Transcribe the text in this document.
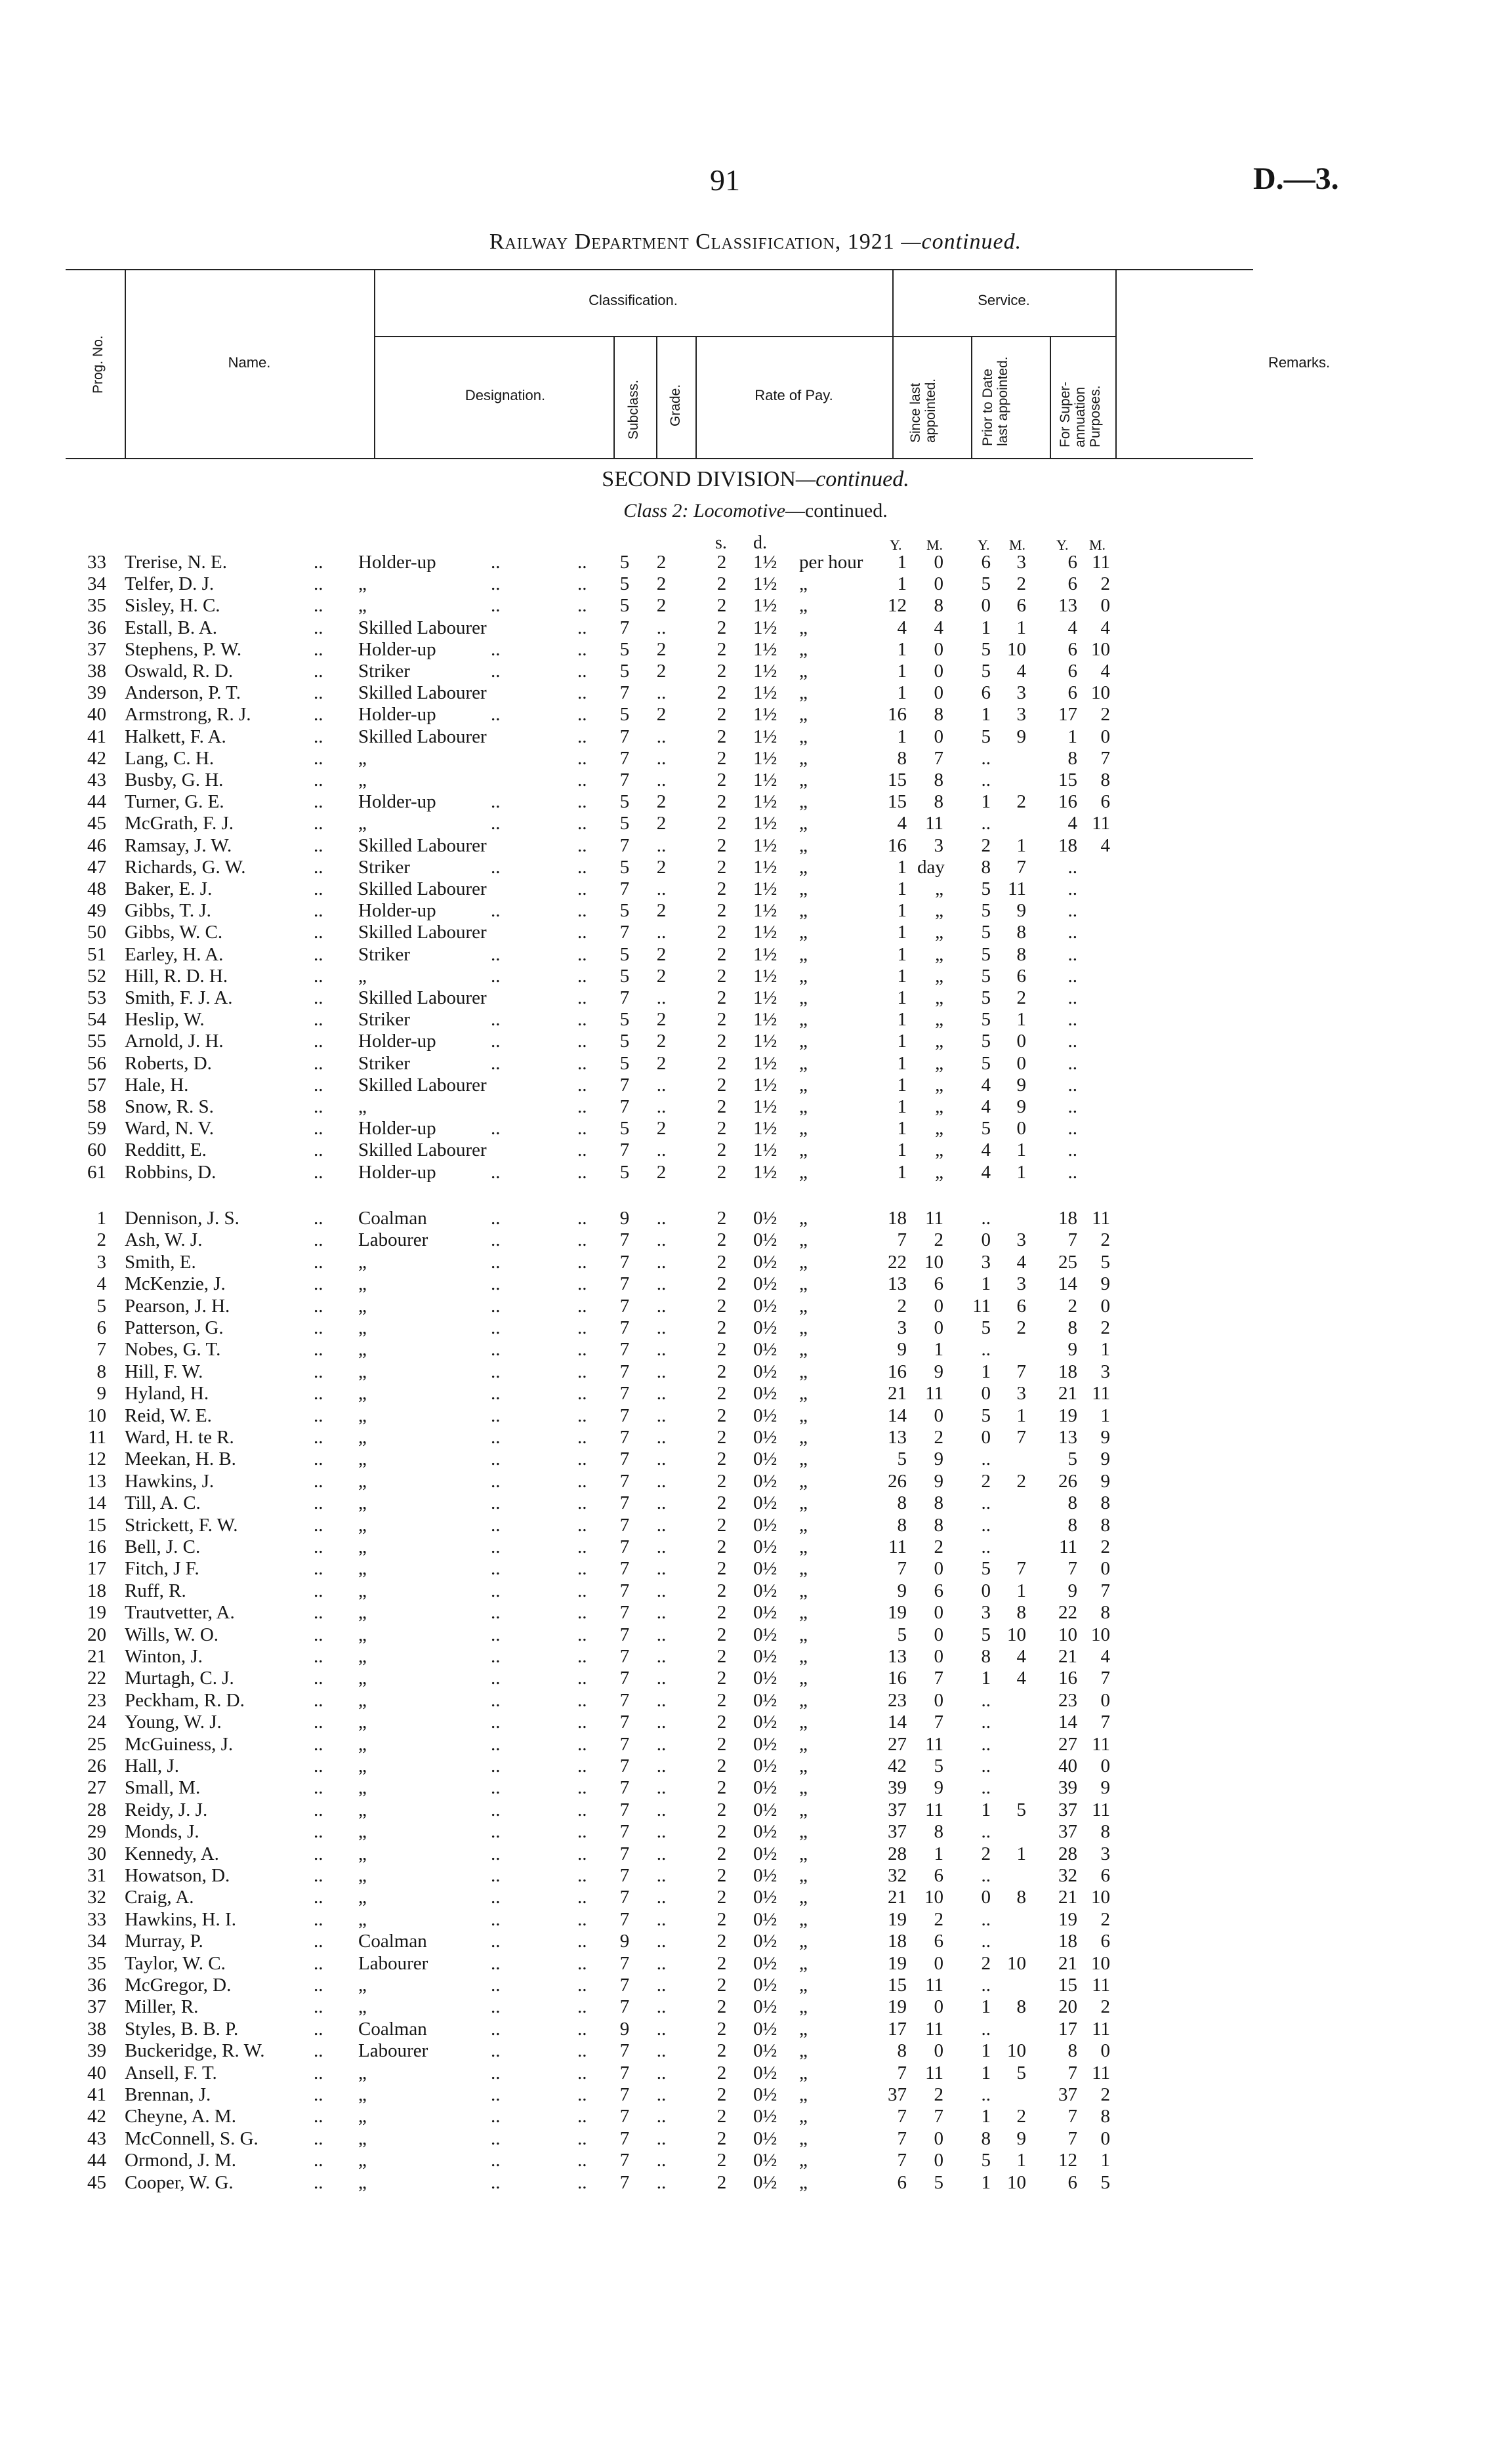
91	D.—3.
Railway Department Classification, 1921 —continued.
Prog. No.	Name.
Classification.	Service.
Designation.	Subclass. Grade.	Rate of Pay.	Since last appointed.	Prior to Date last appointed.	For Super-annuation Purposes.
Remarks.
SECOND DIVISION—continued.
Class 2: Locomotive—continued.
s. d.	Y. M. Y. M. Y. M.
33 Trerise, N. E.	.. Holder-up	..	.. 5 2	2 1½ per hour	1	0	6	3	6 11
34 Telfer, D. J.	.. „	..	.. 5 2	2 1½ „	1	0	5	2	6	2
35 Sisley, H. C.	.. „	..	.. 5 2	2 1½ „	12	8	0	6	13	0
36 Estall, B. A.	.. Skilled Labourer	.. 7 ..	2 1½ „	4	4	1	1	4	4
37 Stephens, P. W.	.. Holder-up	..	.. 5 2	2 1½ „	1	0	5 10	6 10
38 Oswald, R. D.	.. Striker	..	.. 5 2	2 1½ „	1	0	5	4	6	4
39 Anderson, P. T.	.. Skilled Labourer	.. 7 ..	2 1½ „	1	0	6	3	6 10
40 Armstrong, R. J.	.. Holder-up	..	.. 5 2	2 1½ „	16	8	1	3	17	2
41 Halkett, F. A.	.. Skilled Labourer	.. 7 ..	2 1½ „	1	0	5	9	1	0
42 Lang, C. H.	.. „	.. 7 ..	2 1½ „	8	7	..	8	7
43 Busby, G. H.	.. „	.. 7 ..	2 1½ „	15	8	..	15	8
44 Turner, G. E.	.. Holder-up	..	.. 5 2	2 1½ „	15	8	1	2	16	6
45 McGrath, F. J.	.. „	..	.. 5 2	2 1½ „	4 11	..	4 11
46 Ramsay, J. W.	.. Skilled Labourer	.. 7 ..	2 1½ „	16	3	2	1	18	4
47 Richards, G. W.	.. Striker	..	.. 5 2	2 1½ „	1 day	8	7	..
48 Baker, E. J.	.. Skilled Labourer	.. 7 ..	2 1½ „	1	„	5 11	..
49 Gibbs, T. J.	.. Holder-up	..	.. 5 2	2 1½ „	1	„	5	9	..
50 Gibbs, W. C.	.. Skilled Labourer	.. 7 ..	2 1½ „	1	„	5	8	..
51 Earley, H. A.	.. Striker	..	.. 5 2	2 1½ „	1	„	5	8	..
52 Hill, R. D. H.	.. „	..	.. 5 2	2 1½ „	1	„	5	6	..
53 Smith, F. J. A.	.. Skilled Labourer	.. 7 ..	2 1½ „	1	„	5	2	..
54 Heslip, W.	.. Striker	..	.. 5 2	2 1½ „	1	„	5	1	..
55 Arnold, J. H.	.. Holder-up	..	.. 5 2	2 1½ „	1	„	5	0	..
56 Roberts, D.	.. Striker	..	.. 5 2	2 1½ „	1	„	5	0	..
57 Hale, H.	.. Skilled Labourer	.. 7 ..	2 1½ „	1	„	4	9	..
58 Snow, R. S.	.. „	.. 7 ..	2 1½ „	1	„	4	9	..
59 Ward, N. V.	.. Holder-up	..	.. 5 2	2 1½ „	1	„	5	0	..
60 Redditt, E.	.. Skilled Labourer	.. 7 ..	2 1½ „	1	„	4	1	..
61 Robbins, D.	.. Holder-up	..	.. 5 2	2 1½ „	1	„	4	1	..
1 Dennison, J. S.	.. Coalman	..	.. 9 ..	2 0½ „	18 11	..	18 11
2 Ash, W. J.	.. Labourer	..	.. 7 ..	2 0½ „	7	2	0	3	7	2
3 Smith, E.	.. „	..	.. 7 ..	2 0½ „	22 10	3	4	25	5
4 McKenzie, J.	.. „	..	.. 7 ..	2 0½ „	13	6	1	3	14	9
5 Pearson, J. H.	.. „	..	.. 7 ..	2 0½ „	2	0	11	6	2	0
6 Patterson, G.	.. „	..	.. 7 ..	2 0½ „	3	0	5	2	8	2
7 Nobes, G. T.	.. „	..	.. 7 ..	2 0½ „	9	1	..	9	1
8 Hill, F. W.	.. „	..	.. 7 ..	2 0½ „	16	9	1	7	18	3
9 Hyland, H.	.. „	..	.. 7 ..	2 0½ „	21 11	0	3	21 11
10 Reid, W. E.	.. „	..	.. 7 ..	2 0½ „	14	0	5	1	19	1
11 Ward, H. te R.	.. „	..	.. 7 ..	2 0½ „	13	2	0	7	13	9
12 Meekan, H. B.	.. „	..	.. 7 ..	2 0½ „	5	9	..	5	9
13 Hawkins, J.	.. „	..	.. 7 ..	2 0½ „	26	9	2	2	26	9
14 Till, A. C.	.. „	..	.. 7 ..	2 0½ „	8	8	..	8	8
15 Strickett, F. W.	.. „	..	.. 7 ..	2 0½ „	8	8	..	8	8
16 Bell, J. C.	.. „	..	.. 7 ..	2 0½ „	11	2	..	11	2
17 Fitch, J F.	.. „	..	.. 7 ..	2 0½ „	7	0	5	7	7	0
18 Ruff, R.	.. „	..	.. 7 ..	2 0½ „	9	6	0	1	9	7
19 Trautvetter, A.	.. „	..	.. 7 ..	2 0½ „	19	0	3	8	22	8
20 Wills, W. O.	.. „	..	.. 7 ..	2 0½ „	5	0	5 10	10 10
21 Winton, J.	.. „	..	.. 7 ..	2 0½ „	13	0	8	4	21	4
22 Murtagh, C. J.	.. „	..	.. 7 ..	2 0½ „	16	7	1	4	16	7
23 Peckham, R. D.	.. „	..	.. 7 ..	2 0½ „	23	0	..	23	0
24 Young, W. J.	.. „	..	.. 7 ..	2 0½ „	14	7	..	14	7
25 McGuiness, J.	.. „	..	.. 7 ..	2 0½ „	27 11	..	27 11
26 Hall, J.	.. „	..	.. 7 ..	2 0½ „	42	5	..	40	0
27 Small, M.	.. „	..	.. 7 ..	2 0½ „	39	9	..	39	9
28 Reidy, J. J.	.. „	..	.. 7 ..	2 0½ „	37 11	1	5	37 11
29 Monds, J.	.. „	..	.. 7 ..	2 0½ „	37	8	..	37	8
30 Kennedy, A.	.. „	..	.. 7 ..	2 0½ „	28	1	2	1	28	3
31 Howatson, D.	.. „	..	.. 7 ..	2 0½ „	32	6	..	32	6
32 Craig, A.	.. „	..	.. 7 ..	2 0½ „	21 10	0	8	21 10
33 Hawkins, H. I.	.. „	..	.. 7 ..	2 0½ „	19	2	..	19	2
34 Murray, P.	.. Coalman	..	.. 9 ..	2 0½ „	18	6	..	18	6
35 Taylor, W. C.	.. Labourer	..	.. 7 ..	2 0½ „	19	0	2 10	21 10
36 McGregor, D.	.. „	..	.. 7 ..	2 0½ „	15 11	..	15 11
37 Miller, R.	.. „	..	.. 7 ..	2 0½ „	19	0	1	8	20	2
38 Styles, B. B. P.	.. Coalman	..	.. 9 ..	2 0½ „	17 11	..	17 11
39 Buckeridge, R. W.	.. Labourer	..	.. 7 ..	2 0½ „	8	0	1 10	8	0
40 Ansell, F. T.	.. „	..	.. 7 ..	2 0½ „	7 11	1	5	7 11
41 Brennan, J.	.. „	..	.. 7 ..	2 0½ „	37	2	..	37	2
42 Cheyne, A. M.	.. „	..	.. 7 ..	2 0½ „	7	7	1	2	7	8
43 McConnell, S. G.	.. „	..	.. 7 ..	2 0½ „	7	0	8	9	7	0
44 Ormond, J. M.	.. „	..	.. 7 ..	2 0½ „	7	0	5	1	12	1
45 Cooper, W. G.	.. „	..	.. 7 ..	2 0½ „	6	5	1 10	6	5
